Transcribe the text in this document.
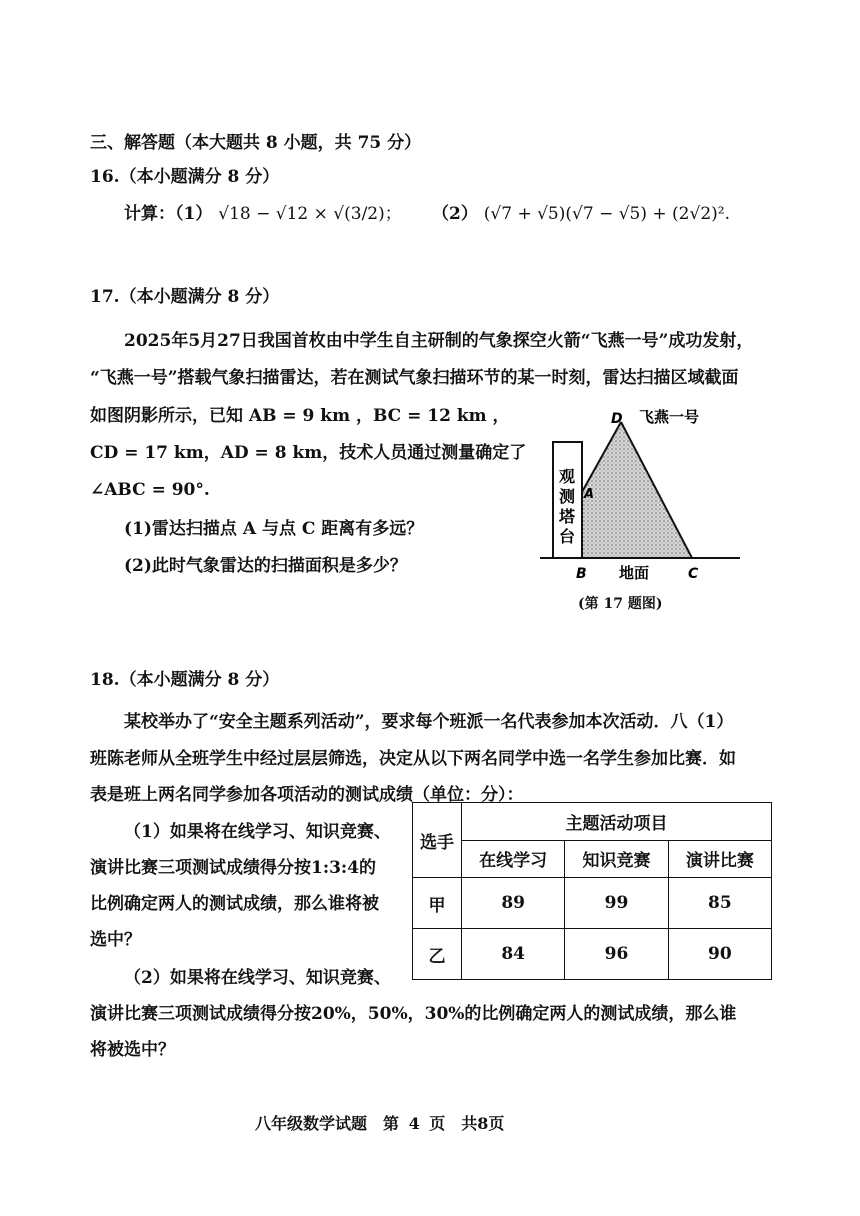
三、解答题（本大题共 8 小题，共 75 分）
16.（本小题满分 8 分）
计算：（1） √18 − √12 × √(3/2)； （2） (√7 + √5)(√7 − √5) + (2√2)².
17.（本小题满分 8 分）
2025年5月27日我国首枚由中学生自主研制的气象探空火箭“飞燕一号”成功发射，
“飞燕一号”搭载气象扫描雷达，若在测试气象扫描环节的某一时刻，雷达扫描区域截面
如图阴影所示，已知 AB = 9 km ，BC = 12 km ，
CD = 17 km，AD = 8 km，技术人员通过测量确定了
∠ABC = 90°.
(1)雷达扫描点 A 与点 C 距离有多远？
(2)此时气象雷达的扫描面积是多少？
观
测
塔
台
A
D
B	C
地面
飞燕一号
(第 17 题图)
18.（本小题满分 8 分）
某校举办了“安全主题系列活动”，要求每个班派一名代表参加本次活动．八（1）
班陈老师从全班学生中经过层层筛选，决定从以下两名同学中选一名学生参加比赛．如
表是班上两名同学参加各项活动的测试成绩（单位：分）：
（1）如果将在线学习、知识竞赛、
演讲比赛三项测试成绩得分按1:3:4的
比例确定两人的测试成绩，那么谁将被
选中？
（2）如果将在线学习、知识竞赛、
演讲比赛三项测试成绩得分按20%，50%，30%的比例确定两人的测试成绩，那么谁
将被选中？
选手	主题活动项目		
	在线学习	知识竞赛	演讲比赛
甲	89	99	85
乙	84	96	90
八年级数学试题　第 4 页　共8页
